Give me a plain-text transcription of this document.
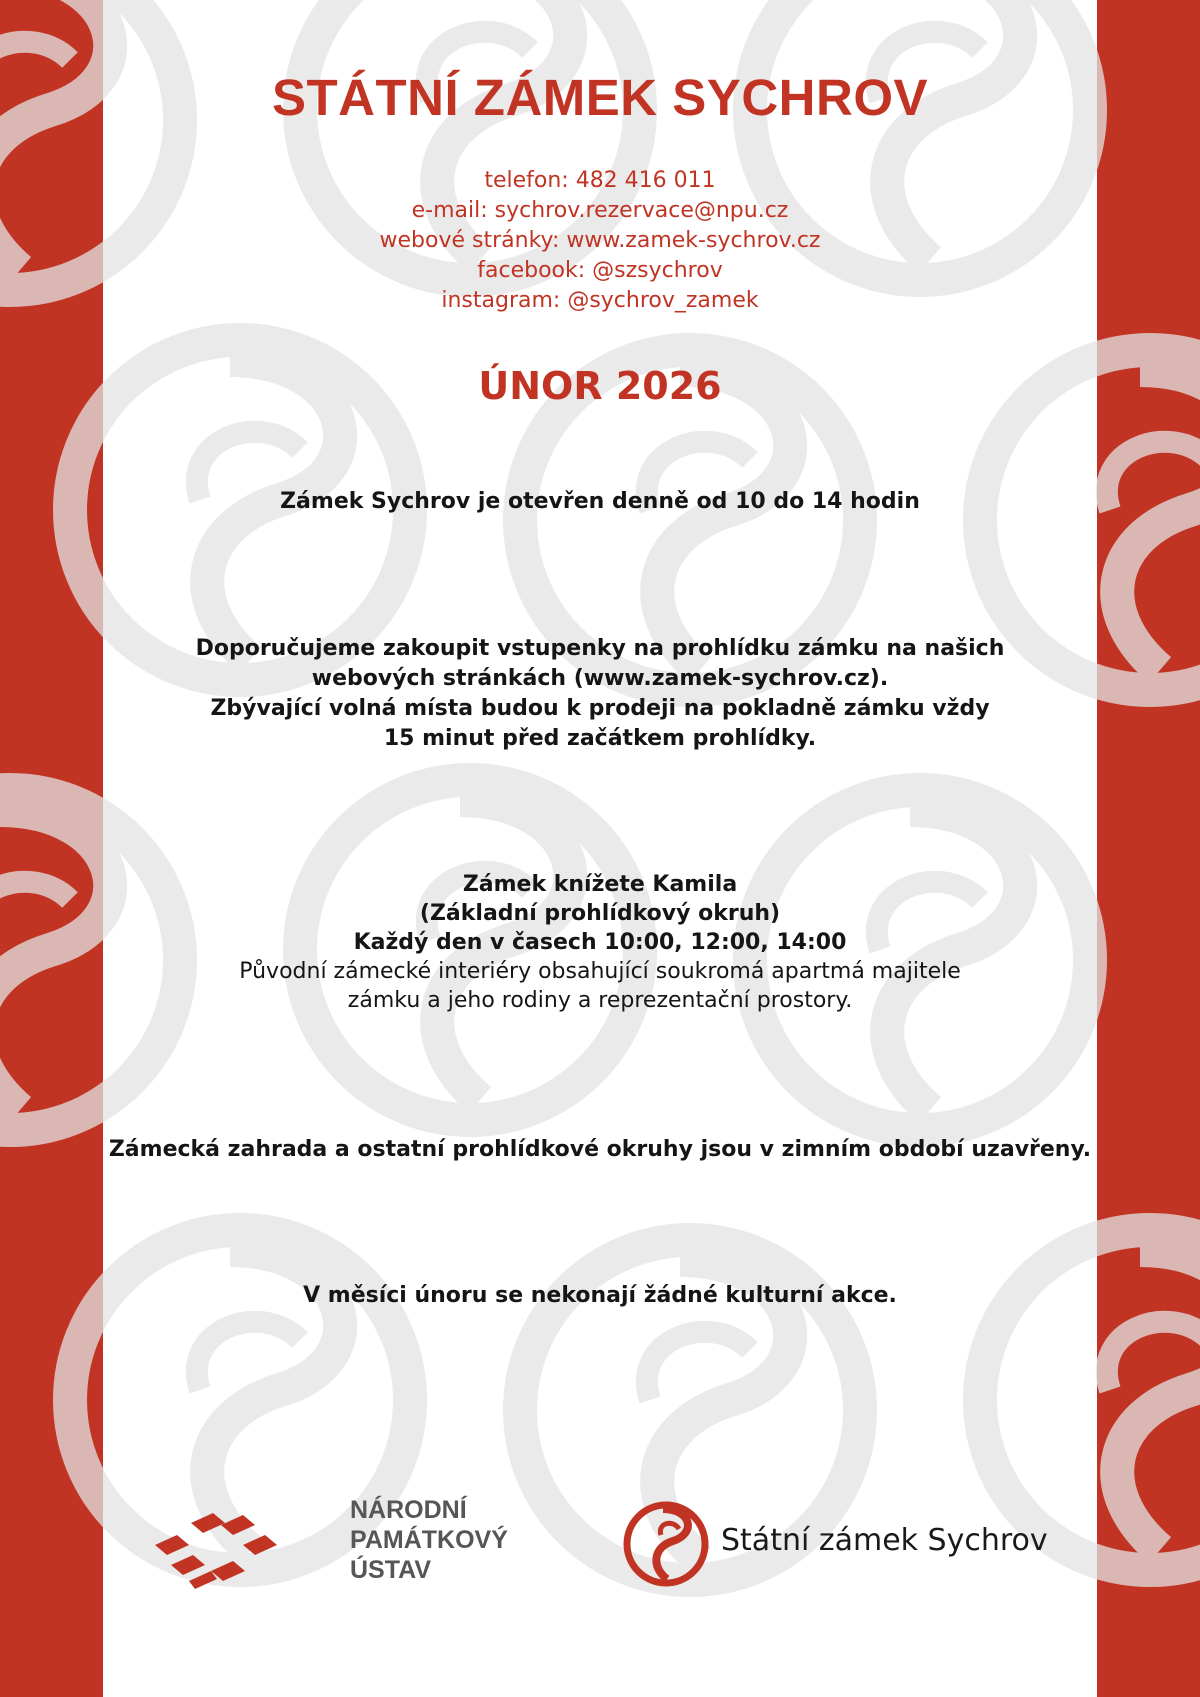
STÁTNÍ ZÁMEK SYCHROV
telefon: 482 416 011
e-mail: sychrov.rezervace@npu.cz
webové stránky: www.zamek-sychrov.cz
facebook: @szsychrov
instagram: @sychrov_zamek
ÚNOR 2026

Zámek Sychrov je otevřen denně od 10 do 14 hodin

Doporučujeme zakoupit vstupenky na prohlídku zámku na našich
webových stránkách (www.zamek-sychrov.cz).
Zbývající volná místa budou k prodeji na pokladně zámku vždy
15 minut před začátkem prohlídky.
Zámek knížete Kamila
(Základní prohlídkový okruh)
Každý den v časech 10:00, 12:00, 14:00
Původní zámecké interiéry obsahující soukromá apartmá majitele
zámku a jeho rodiny a reprezentační prostory.

Zámecká zahrada a ostatní prohlídkové okruhy jsou v zimním období uzavřeny.

V měsíci únoru se nekonají žádné kulturní akce.

NÁRODNÍ
PAMÁTKOVÝ
ÚSTAV
Státní zámek Sychrov
